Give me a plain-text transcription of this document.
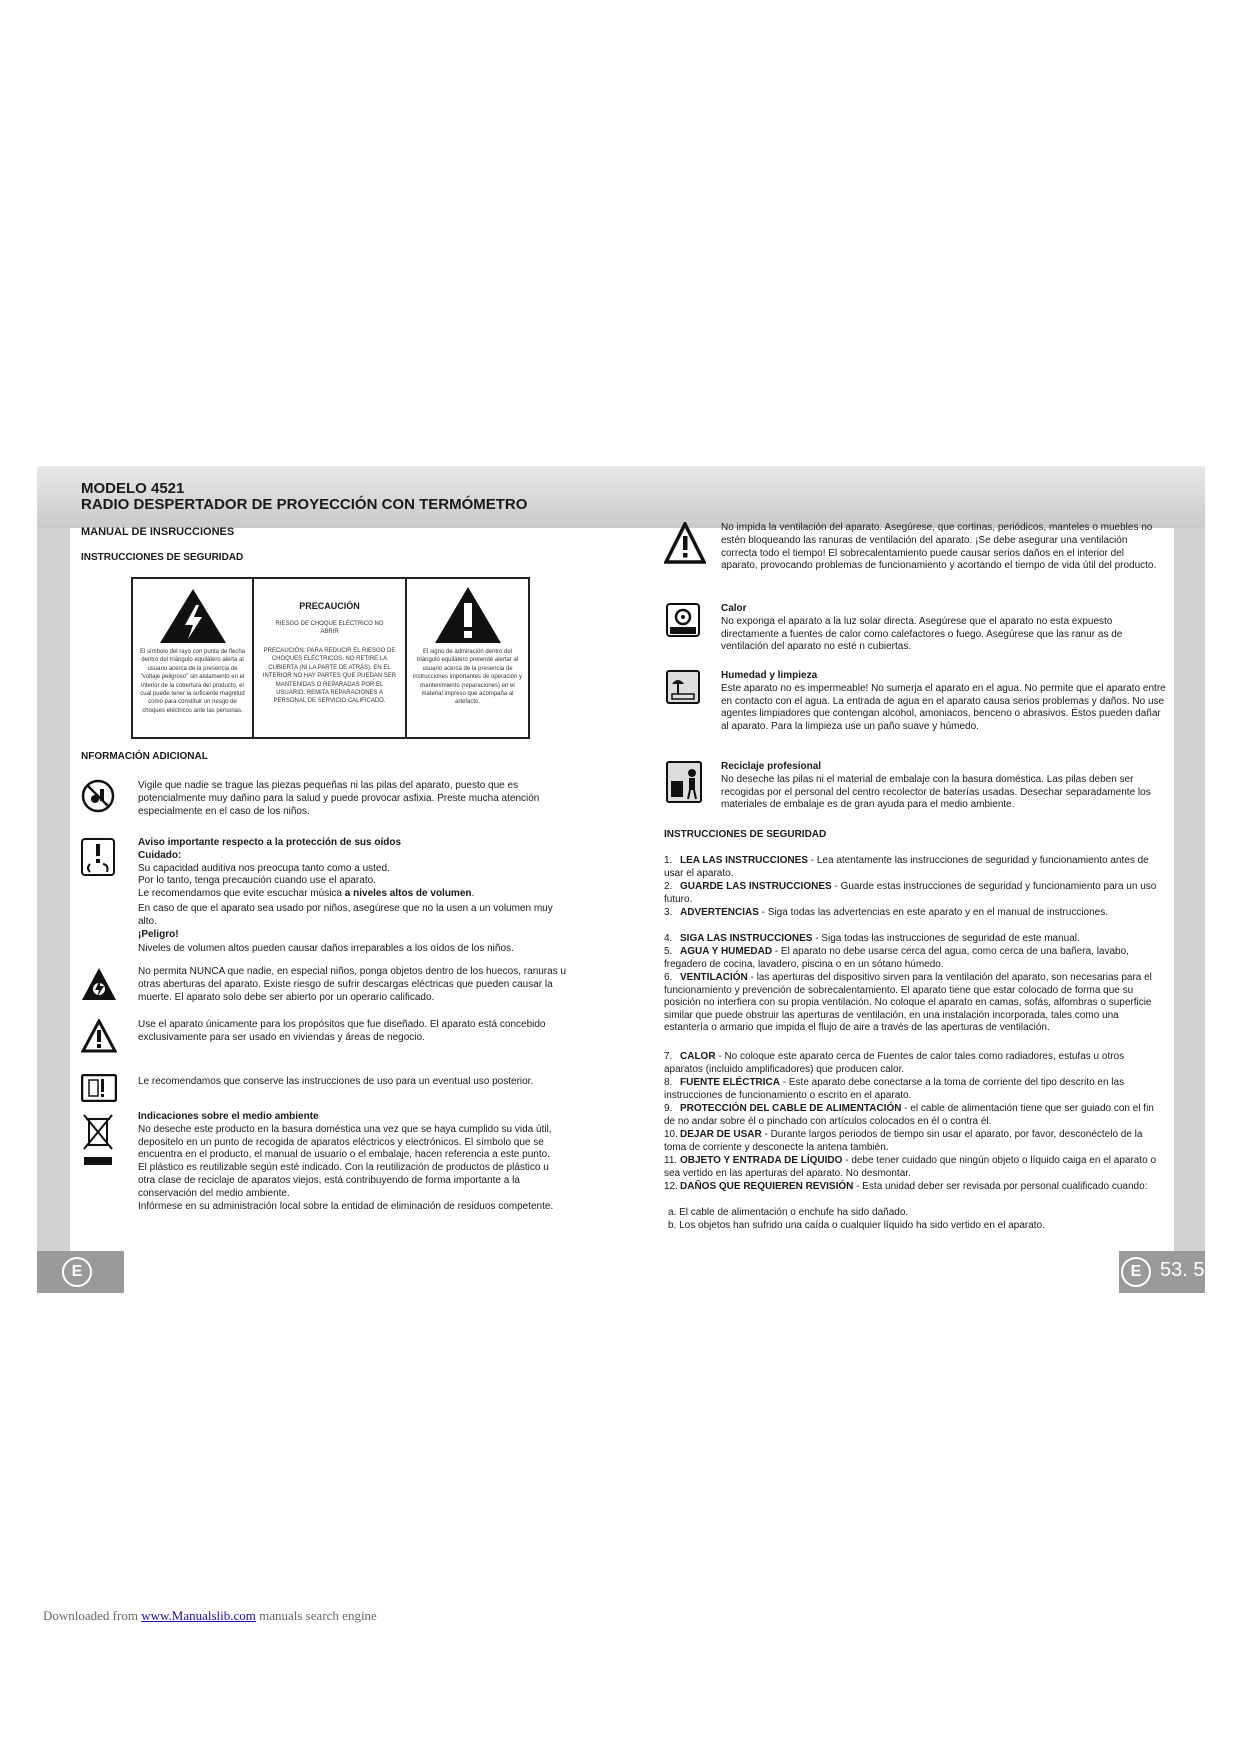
MODELO 4521
RADIO DESPERTADOR DE PROYECCIÓN CON TERMÓMETRO
MANUAL DE INSRUCCIONES
INSTRUCCIONES DE SEGURIDAD
El símbolo del rayo con punta de flecha dentro del triángulo equilátero alerta al usuario acerca de la presencia de "voltaje peligroso" sin aislamiento en el interior de la cobertura del producto, el cual puede tener la suficiente magnitud como para constituir un riesgo de choques eléctricos ante las personas.
PRECAUCIÓN
RIESGO DE CHOQUE ELÉCTRICO NO ABRIR
PRECAUCIÓN: PARA REDUCIR EL RIESGO DE CHOQUES ELÉCTRICOS, NO RETIRE LA CUBIERTA (NI LA PARTE DE ATRÁS). EN EL INTERIOR NO HAY PARTES QUE PUEDAN SER MANTENIDAS O REPARADAS POR EL USUARIO. REMITA REPARACIONES A PERSONAL DE SERVICIO CALIFICADO.
El signo de admiración dentro del triángulo equilátero pretende alertar al usuario acerca de la presencia de instrucciones importantes de operación y mantenimiento (reparaciones) en el material impreso que acompaña al artefacto.
NFORMACIÓN ADICIONAL
Vigile que nadie se trague las piezas pequeñas ni las pilas del aparato, puesto que es potencialmente muy dañino para la salud y puede provocar asfixia. Preste mucha atención especialmente en el caso de los niños.
Aviso importante respecto a la protección de sus oídos
Cuidado:
Su capacidad auditiva nos preocupa tanto como a usted.
Por lo tanto, tenga precaución cuando use el aparato.
Le recomendamos que evite escuchar música a niveles altos de volumen.
En caso de que el aparato sea usado por niños, asegúrese que no la usen a un volumen muy alto.
¡Peligro!
Niveles de volumen altos pueden causar daños irreparables a los oídos de los niños.
No permita NUNCA que nadie, en especial niños, ponga objetos dentro de los huecos, ranuras u otras aberturas del aparato. Existe riesgo de sufrir descargas eléctricas que pueden causar la muerte. El aparato solo debe ser abierto por un operario calificado.
Use el aparato únicamente para los propósitos que fue diseñado. El aparato está concebido exclusivamente para ser usado en viviendas y áreas de negocio.
Le recomendamos que conserve las instrucciones de uso para un eventual uso posterior.
Indicaciones sobre el medio ambiente
No deseche este producto en la basura doméstica una vez que se haya cumplido su vida útil, depositelo en un punto de recogida de aparatos eléctricos y electrónicos. El símbolo que se encuentra en el producto, el manual de usuario o el embalaje, hacen referencia a este punto.
El plástico es reutilizable según esté indicado. Con la reutilización de productos de plástico u otra clase de reciclaje de aparatos viejos, está contribuyendo de forma importante a la conservación del medio ambiente.
Infórmese en su administración local sobre la entidad de eliminación de residuos competente.
E
No impida la ventilación del aparato. Asegúrese, que cortinas, periódicos, manteles o muebles no estén bloqueando las ranuras de ventilación del aparato. ¡Se debe asegurar una ventilación correcta todo el tiempo! El sobrecalentamiento puede causar serios daños en el interior del aparato, provocando problemas de funcionamiento y acortando el tiempo de vida útil del producto.
Calor
No exponga el aparato a la luz solar directa. Asegúrese que el aparato no esta expuesto directamente a fuentes de calor como calefactores o fuego. Asegúrese que las ranur as de ventilación del aparato no esté n cubiertas.
Humedad y limpieza
Este aparato no es impermeable! No sumerja el aparato en el agua. No permite que el aparato entre en contacto con el agua. La entrada de agua en el aparato causa serios problemas y daños. No use agentes limpiadores que contengan alcohol, amoniacos, benceno o abrasivos. Éstos pueden dañar al aparato. Para la limpieza use un paño suave y húmedo.
Reciclaje profesional
No deseche las pilas ni el material de embalaje con la basura doméstica. Las pilas deben ser recogidas por el personal del centro recolector de baterías usadas. Desechar separadamente los materiales de embalaje es de gran ayuda para el medio ambiente.
INSTRUCCIONES DE SEGURIDAD
1. LEA LAS INSTRUCCIONES - Lea atentamente las instrucciones de seguridad y funcionamiento antes de usar el aparato.
2. GUARDE LAS INSTRUCCIONES - Guarde estas instrucciones de seguridad y funcionamiento para un uso futuro.
3. ADVERTENCIAS - Siga todas las advertencias en este aparato y en el manual de instrucciones.
4. SIGA LAS INSTRUCCIONES - Siga todas las instrucciones de seguridad de este manual.
5. AGUA Y HUMEDAD - El aparato no debe usarse cerca del agua, como cerca de una bañera, lavabo, fregadero de cocina, lavadero, piscina o en un sótano húmedo.
6. VENTILACIÓN - las aperturas del dispositivo sirven para la ventilación del aparato, son necesarias para el funcionamiento y prevención de sobrecalentamiento. El aparato tiene que estar colocado de forma que su posición no interfiera con su propia ventilación. No coloque el aparato en camas, sofás, alfombras o superficie similar que puede obstruir las aperturas de ventilación, en una instalación incorporada, tales como una estantería o armario que impida el flujo de aire a través de las aperturas de ventilación.
7. CALOR - No coloque este aparato cerca de Fuentes de calor tales como radiadores, estufas u otros aparatos (incluido amplificadores) que producen calor.
8. FUENTE ELÉCTRICA - Este aparato debe conectarse a la toma de corriente del tipo descrito en las instrucciones de funcionamiento o escrito en el aparato.
9. PROTECCIÓN DEL CABLE DE ALIMENTACIÓN - el cable de alimentación tiene que ser guiado con el fin de no andar sobre él o pinchado con artículos colocados en él o contra él.
10. DEJAR DE USAR - Durante largos periodos de tiempo sin usar el aparato, por favor, desconéctelo de la toma de corriente y desconecte la antena también.
11. OBJETO Y ENTRADA DE LÍQUIDO - debe tener cuidado que ningún objeto o líquido caiga en el aparato o sea vertido en las aperturas del aparato. No desmontar.
12. DAÑOS QUE REQUIEREN REVISIÓN - Esta unidad deber ser revisada por personal cualificado cuando:
a. El cable de alimentación o enchufe ha sido dañado.
b. Los objetos han sufrido una caída o cualquier líquido ha sido vertido en el aparato.
E 53. 5
Downloaded from www.Manualslib.com manuals search engine
